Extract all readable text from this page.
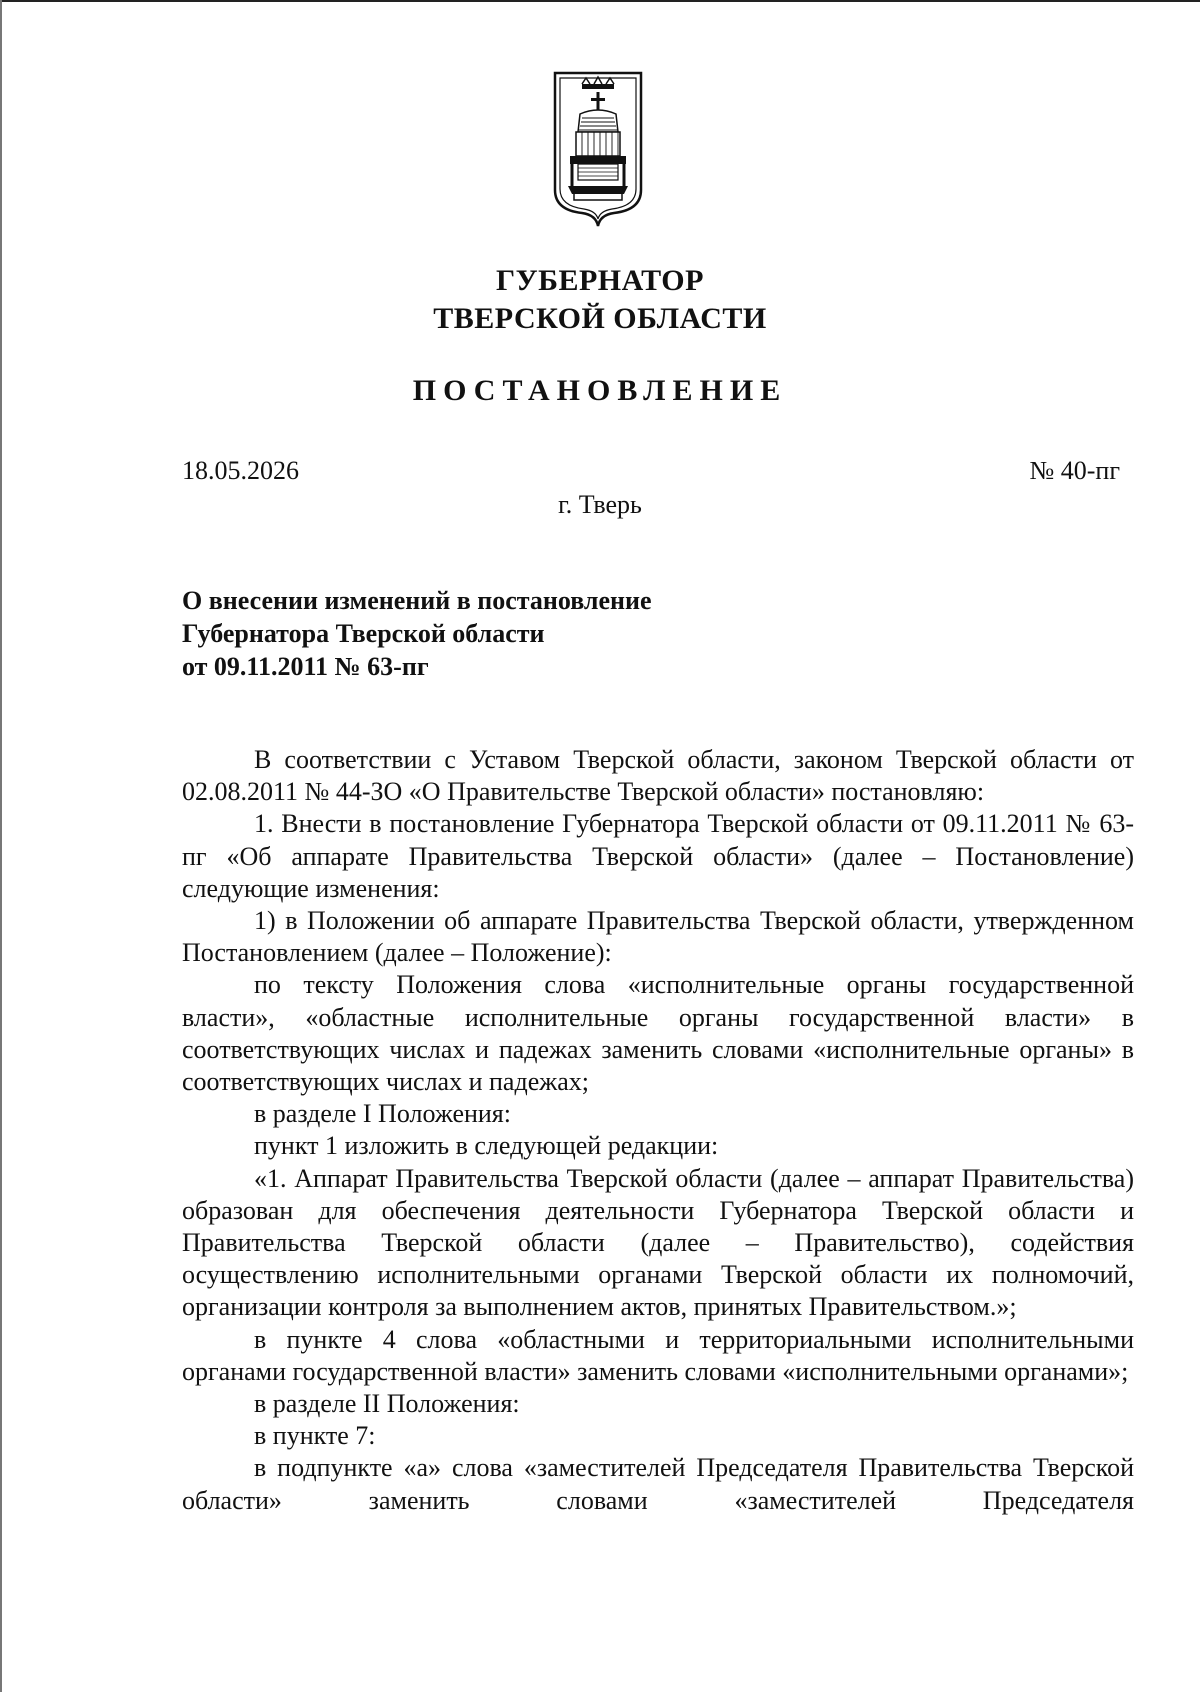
ГУБЕРНАТОР
ТВЕРСКОЙ ОБЛАСТИ
ПОСТАНОВЛЕНИЕ
18.05.2026	№ 40-пг
г. Тверь
О внесении изменений в постановление
Губернатора Тверской области
от 09.11.2011 № 63-пг

В соответствии с Уставом Тверской области, законом Тверской области от 02.08.2011 № 44-ЗО «О Правительстве Тверской области» постановляю:

1. Внести в постановление Губернатора Тверской области от 09.11.2011 № 63-пг «Об аппарате Правительства Тверской области» (далее – Постановление) следующие изменения:

1) в Положении об аппарате Правительства Тверской области, утвержденном Постановлением (далее – Положение):

по тексту Положения слова «исполнительные органы государственной власти», «областные исполнительные органы государственной власти» в соответствующих числах и падежах заменить словами «исполнительные органы» в соответствующих числах и падежах;

в разделе I Положения:

пункт 1 изложить в следующей редакции:

«1. Аппарат Правительства Тверской области (далее – аппарат Правительства) образован для обеспечения деятельности Губернатора Тверской области и Правительства Тверской области (далее – Правительство), содействия осуществлению исполнительными органами Тверской области их полномочий, организации контроля за выполнением актов, принятых Правительством.»;

в пункте 4 слова «областными и территориальными исполнительными органами государственной власти» заменить словами «исполнительными органами»;

в разделе II Положения:

в пункте 7:

в подпункте «а» слова «заместителей Председателя Правительства Тверской области» заменить словами «заместителей Председателя
